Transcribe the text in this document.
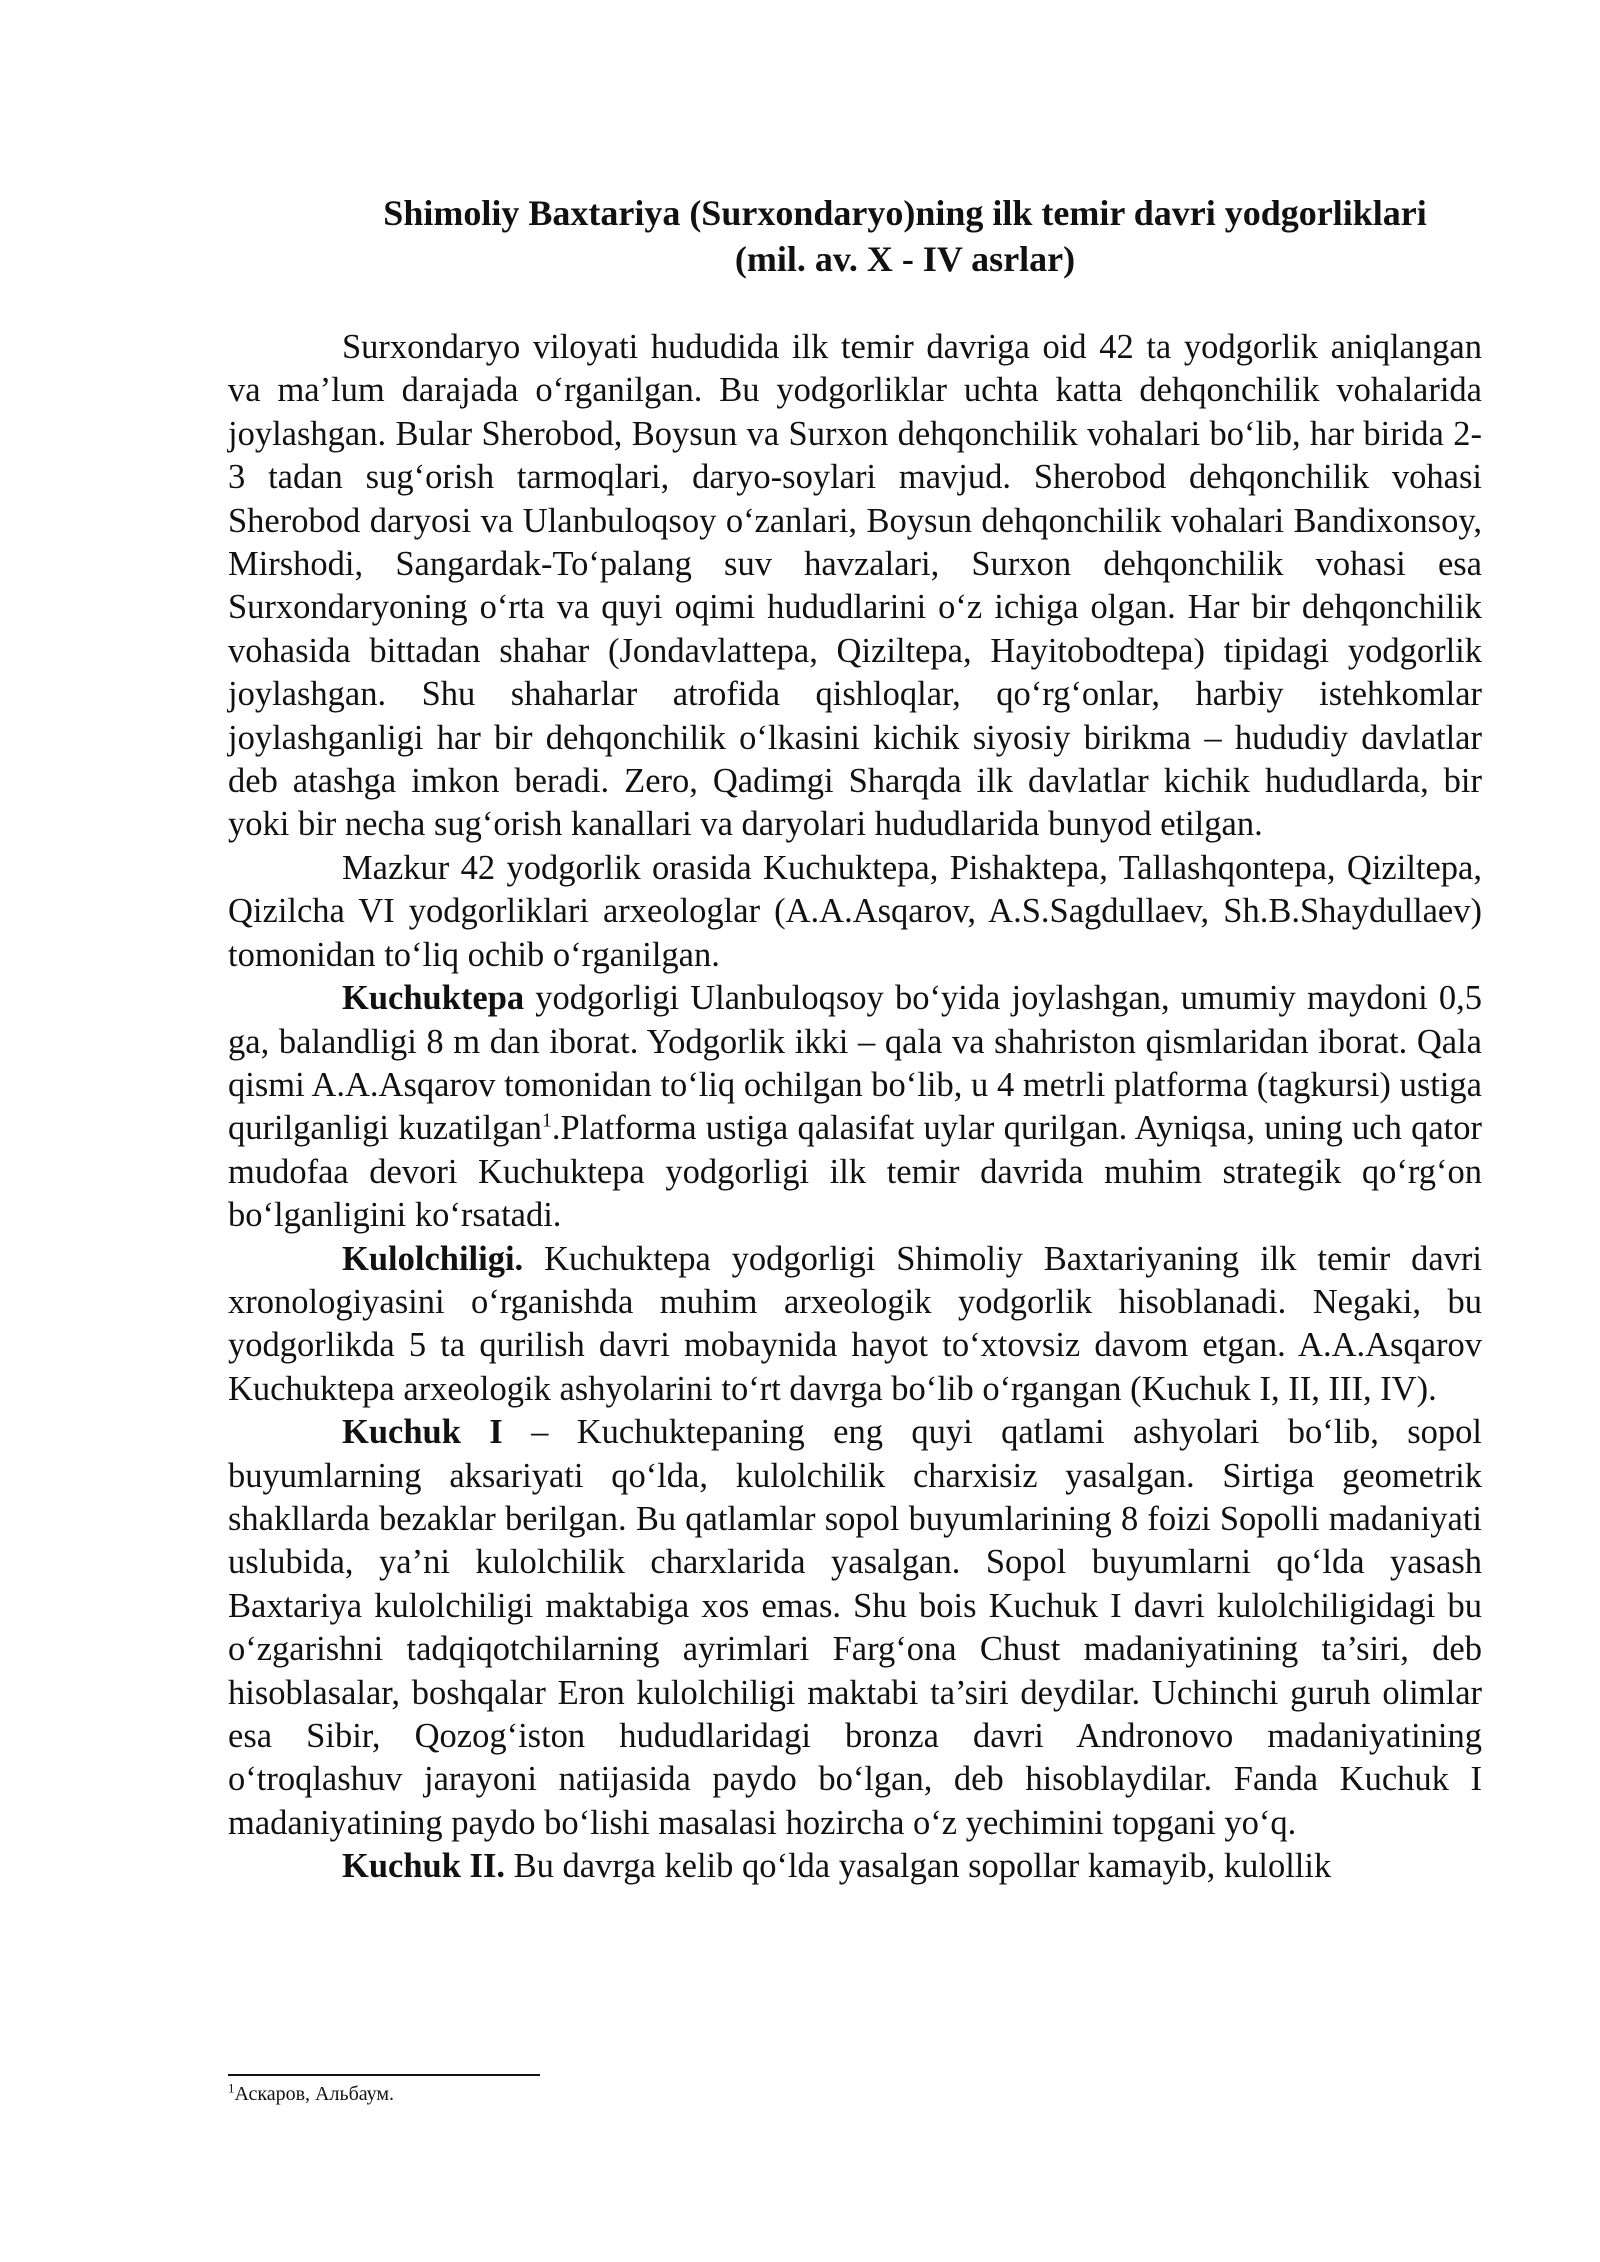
Shimoliy Baxtariya (Surxondaryo)ning ilk temir davri yodgorliklari
(mil. av. X - IV asrlar)

Surxondaryo viloyati hududida ilk temir davriga oid 42 ta yodgorlik aniqlangan va ma’lum darajada o‘rganilgan. Bu yodgorliklar uchta katta dehqonchilik vohalarida joylashgan. Bular Sherobod, Boysun va Surxon dehqonchilik vohalari bo‘lib, har birida 2-3 tadan sug‘orish tarmoqlari, daryo-soylari mavjud. Sherobod dehqonchilik vohasi Sherobod daryosi va Ulanbuloqsoy o‘zanlari, Boysun dehqonchilik vohalari Bandixonsoy, Mirshodi, Sangardak-To‘palang suv havzalari, Surxon dehqonchilik vohasi esa Surxondaryoning o‘rta va quyi oqimi hududlarini o‘z ichiga olgan. Har bir dehqonchilik vohasida bittadan shahar (Jondavlattepa, Qiziltepa, Hayitobodtepa) tipidagi yodgorlik joylashgan. Shu shaharlar atrofida qishloqlar, qo‘rg‘onlar, harbiy istehkomlar joylashganligi har bir dehqonchilik o‘lkasini kichik siyosiy birikma – hududiy davlatlar deb atashga imkon beradi. Zero, Qadimgi Sharqda ilk davlatlar kichik hududlarda, bir yoki bir necha sug‘orish kanallari va daryolari hududlarida bunyod etilgan.

Mazkur 42 yodgorlik orasida Kuchuktepa, Pishaktepa, Tallashqontepa, Qiziltepa, Qizilcha VI yodgorliklari arxeologlar (A.A.Asqarov, A.S.Sagdullaev, Sh.B.Shaydullaev) tomonidan to‘liq ochib o‘rganilgan.

Kuchuktepa yodgorligi Ulanbuloqsoy bo‘yida joylashgan, umumiy maydoni 0,5 ga, balandligi 8 m dan iborat. Yodgorlik ikki – qala va shahriston qismlaridan iborat. Qala qismi A.A.Asqarov tomonidan to‘liq ochilgan bo‘lib, u 4 metrli platforma (tagkursi) ustiga qurilganligi kuzatilgan$^1$.Platforma ustiga qalasifat uylar qurilgan. Ayniqsa, uning uch qator mudofaa devori Kuchuktepa yodgorligi ilk temir davrida muhim strategik qo‘rg‘on bo‘lganligini ko‘rsatadi.

Kulolchiligi. Kuchuktepa yodgorligi Shimoliy Baxtariyaning ilk temir davri xronologiyasini o‘rganishda muhim arxeologik yodgorlik hisoblanadi. Negaki, bu yodgorlikda 5 ta qurilish davri mobaynida hayot to‘xtovsiz davom etgan. A.A.Asqarov Kuchuktepa arxeologik ashyolarini to‘rt davrga bo‘lib o‘rgangan (Kuchuk I, II, III, IV).

Kuchuk I – Kuchuktepaning eng quyi qatlami ashyolari bo‘lib, sopol buyumlarning aksariyati qo‘lda, kulolchilik charxisiz yasalgan. Sirtiga geometrik shakllarda bezaklar berilgan. Bu qatlamlar sopol buyumlarining 8 foizi Sopolli madaniyati uslubida, ya’ni kulolchilik charxlarida yasalgan. Sopol buyumlarni qo‘lda yasash Baxtariya kulolchiligi maktabiga xos emas. Shu bois Kuchuk I davri kulolchiligidagi bu o‘zgarishni tadqiqotchilarning ayrimlari Farg‘ona Chust madaniyatining ta’siri, deb hisoblasalar, boshqalar Eron kulolchiligi maktabi ta’siri deydilar. Uchinchi guruh olimlar esa Sibir, Qozog‘iston hududlaridagi bronza davri Andronovo madaniyatining o‘troqlashuv jarayoni natijasida paydo bo‘lgan, deb hisoblaydilar. Fanda Kuchuk I madaniyatining paydo bo‘lishi masalasi hozircha o‘z yechimini topgani yo‘q.

Kuchuk II. Bu davrga kelib qo‘lda yasalgan sopollar kamayib, kulollik

$^1$Аскаров, Альбаум.
